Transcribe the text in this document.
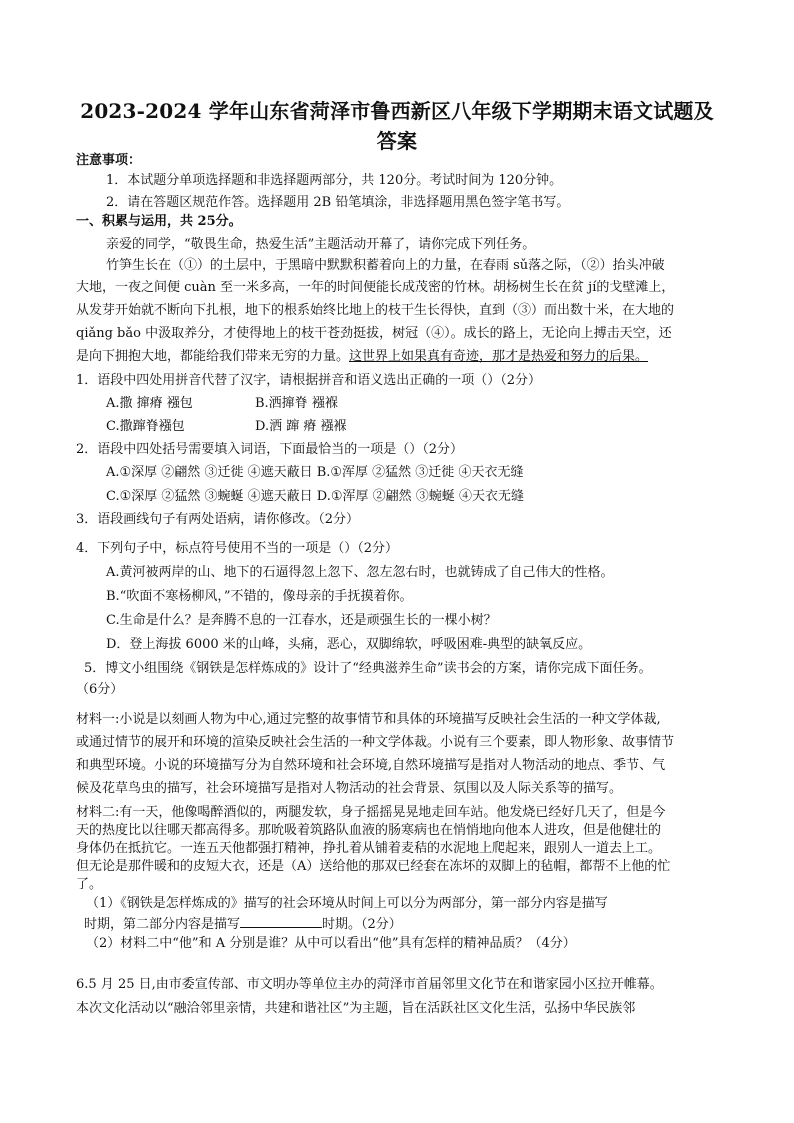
2023-2024 学年山东省菏泽市鲁西新区八年级下学期期末语文试题及
答案
注意事项：
1．本试题分单项选择题和非选择题两部分，共 120分。考试时间为 120分钟。
2．请在答题区规范作答。选择题用 2B 铅笔填涂，非选择题用黑色签字笔书写。
一、积累与运用，共 25分。
亲爱的同学，“敬畏生命，热爱生活”主题活动开幕了，请你完成下列任务。
竹笋生长在（①）的土层中，于黑暗中默默积蓄着向上的力量，在春雨 sǔ落之际，（②）抬头冲破
大地，一夜之间便 cuàn 至一米多高，一年的时间便能长成茂密的竹林。胡杨树生长在贫 jí的戈壁滩上，
从发芽开始就不断向下扎根，地下的根系始终比地上的枝干生长得快，直到（③）而出数十米，在大地的
qiǎng bǎo 中汲取养分，才使得地上的枝干苍劲挺拔，树冠（④）。成长的路上，无论向上搏击天空，还
是向下拥抱大地，都能给我们带来无穷的力量。这世界上如果真有奇迹，那才是热爱和努力的后果。
1．语段中四处用拼音代替了汉字，请根据拼音和语义选出正确的一项（）（2分）
A.撒 撺瘠 襁包	B.洒撺脊 襁褓
C.撒蹿脊襁包	D.洒 蹿 瘠 襁褓
2．语段中四处括号需要填入词语，下面最恰当的一项是（）（2分）
A.①深厚 ②翩然 ③迁徙 ④遮天蔽日 B.①浑厚 ②猛然 ③迁徙 ④天衣无缝
C.①深厚 ②猛然 ③蜿蜒 ④遮天蔽日 D.①浑厚 ②翩然 ③蜿蜒 ④天衣无缝
3．语段画线句子有两处语病，请你修改。（2分）
4．下列句子中，标点符号使用不当的一项是（）（2分）
A.黄河被两岸的山、地下的石逼得忽上忽下、忽左忽右时，也就铸成了自己伟大的性格。
B.“吹面不寒杨柳风，”不错的，像母亲的手抚摸着你。
C.生命是什么？是奔腾不息的一江春水，还是顽强生长的一棵小树？
D．登上海拔 6000 米的山峰，头痛，恶心，双脚绵软，呼吸困难-典型的缺氧反应。
5．博文小组围绕《钢铁是怎样炼成的》设计了“经典滋养生命”读书会的方案，请你完成下面任务。
（6分）
材料一:小说是以刻画人物为中心,通过完整的故事情节和具体的环境描写反映社会生活的一种文学体裁,
或通过情节的展开和环境的渲染反映社会生活的一种文学体裁。小说有三个要素，即人物形象、故事情节
和典型环境。小说的环境描写分为自然环境和社会环境,自然环境描写是指对人物活动的地点、季节、气
候及花草鸟虫的描写，社会环境描写是指对人物活动的社会背景、氛围以及人际关系等的描写。
材料二:有一天，他像喝醉酒似的，两腿发软，身子摇摇晃晃地走回车站。他发烧已经好几天了，但是今
天的热度比以往哪天都高得多。那吮吸着筑路队血液的肠寒病也在悄悄地向他本人进攻，但是他健壮的
身体仍在抵抗它。一连五天他都强打精神，挣扎着从铺着麦秸的水泥地上爬起来，跟别人一道去上工。
但无论是那件暖和的皮短大衣，还是（A）送给他的那双已经套在冻坏的双脚上的毡帽，都帮不上他的忙
了。
（1）《钢铁是怎样炼成的》描写的社会环境从时间上可以分为两部分，第一部分内容是描写
时期，第二部分内容是描写	时期。（2分）
（2）材料二中“他”和 A 分别是谁？从中可以看出“他”具有怎样的精神品质？（4分）
6.5 月 25 日,由市委宣传部、市文明办等单位主办的菏泽市首届邻里文化节在和谐家园小区拉开帷幕。
本次文化活动以“融洽邻里亲情，共建和谐社区”为主题，旨在活跃社区文化生活，弘扬中华民族邻
